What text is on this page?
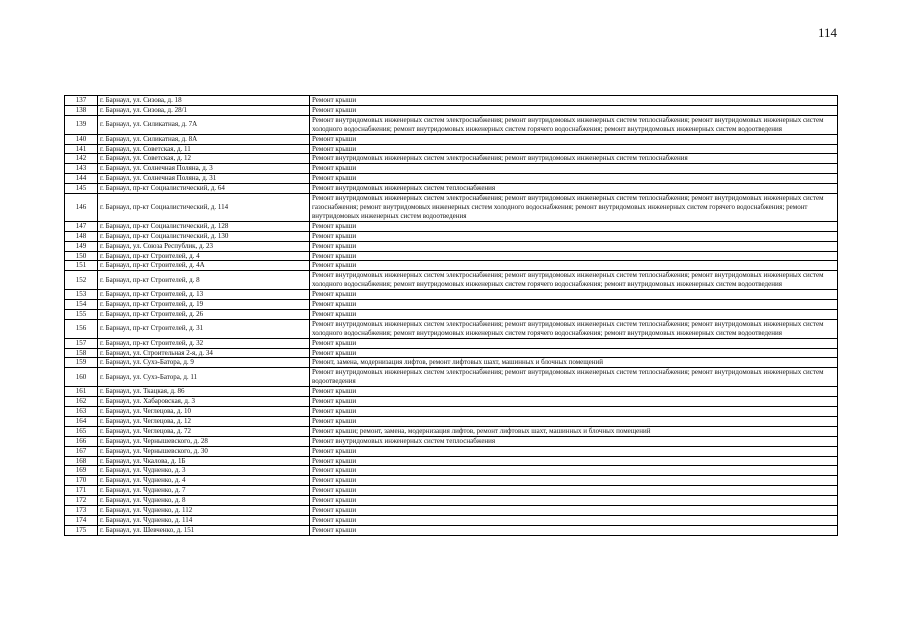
114
137	г. Барнаул, ул. Сизова, д. 18	Ремонт крыши
138	г. Барнаул, ул. Сизова, д. 28/1	Ремонт крыши
139	г. Барнаул, ул. Силикатная, д. 7А	Ремонт внутридомовых инженерных систем электроснабжения; ремонт внутридомовых инженерных систем теплоснабжения; ремонт внутридомовых инженерных систем холодного водоснабжения; ремонт внутридомовых инженерных систем горячего водоснабжения; ремонт внутридомовых инженерных систем водоотведения
140	г. Барнаул, ул. Силикатная, д. 8А	Ремонт крыши
141	г. Барнаул, ул. Советская, д. 11	Ремонт крыши
142	г. Барнаул, ул. Советская, д. 12	Ремонт внутридомовых инженерных систем электроснабжения; ремонт внутридомовых инженерных систем теплоснабжения
143	г. Барнаул, ул. Солнечная Поляна, д. 3	Ремонт крыши
144	г. Барнаул, ул. Солнечная Поляна, д. 31	Ремонт крыши
145	г. Барнаул, пр-кт Социалистический, д. 64	Ремонт внутридомовых инженерных систем теплоснабжения
146	г. Барнаул, пр-кт Социалистический, д. 114	Ремонт внутридомовых инженерных систем электроснабжения; ремонт внутридомовых инженерных систем теплоснабжения; ремонт внутридомовых инженерных систем газоснабжения; ремонт внутридомовых инженерных систем холодного водоснабжения; ремонт внутридомовых инженерных систем горячего водоснабжения; ремонт внутридомовых инженерных систем водоотведения
147	г. Барнаул, пр-кт Социалистический, д. 128	Ремонт крыши
148	г. Барнаул, пр-кт Социалистический, д. 130	Ремонт крыши
149	г. Барнаул, ул. Союза Республик, д. 23	Ремонт крыши
150	г. Барнаул, пр-кт Строителей, д. 4	Ремонт крыши
151	г. Барнаул, пр-кт Строителей, д. 4А	Ремонт крыши
152	г. Барнаул, пр-кт Строителей, д. 8	Ремонт внутридомовых инженерных систем электроснабжения; ремонт внутридомовых инженерных систем теплоснабжения; ремонт внутридомовых инженерных систем холодного водоснабжения; ремонт внутридомовых инженерных систем горячего водоснабжения; ремонт внутридомовых инженерных систем водоотведения
153	г. Барнаул, пр-кт Строителей, д. 13	Ремонт крыши
154	г. Барнаул, пр-кт Строителей, д. 19	Ремонт крыши
155	г. Барнаул, пр-кт Строителей, д. 26	Ремонт крыши
156	г. Барнаул, пр-кт Строителей, д. 31	Ремонт внутридомовых инженерных систем электроснабжения; ремонт внутридомовых инженерных систем теплоснабжения; ремонт внутридомовых инженерных систем холодного водоснабжения; ремонт внутридомовых инженерных систем горячего водоснабжения; ремонт внутридомовых инженерных систем водоотведения
157	г. Барнаул, пр-кт Строителей, д. 32	Ремонт крыши
158	г. Барнаул, ул. Строительная 2-я, д. 34	Ремонт крыши
159	г. Барнаул, ул. Сухэ-Батора, д. 9	Ремонт, замена, модернизация лифтов, ремонт лифтовых шахт, машинных и блочных помещений
160	г. Барнаул, ул. Сухэ-Батора, д. 11	Ремонт внутридомовых инженерных систем электроснабжения; ремонт внутридомовых инженерных систем теплоснабжения; ремонт внутридомовых инженерных систем водоотведения
161	г. Барнаул, ул. Ткацкая, д. 86	Ремонт крыши
162	г. Барнаул, ул. Хабаровская, д. 3	Ремонт крыши
163	г. Барнаул, ул. Чеглецова, д. 10	Ремонт крыши
164	г. Барнаул, ул. Чеглецова, д. 12	Ремонт крыши
165	г. Барнаул, ул. Чеглецова, д. 72	Ремонт крыши; ремонт, замена, модернизация лифтов, ремонт лифтовых шахт, машинных и блочных помещений
166	г. Барнаул, ул. Чернышевского, д. 28	Ремонт внутридомовых инженерных систем теплоснабжения
167	г. Барнаул, ул. Чернышевского, д. 30	Ремонт крыши
168	г. Барнаул, ул. Чкалова, д. 1Б	Ремонт крыши
169	г. Барнаул, ул. Чудненко, д. 3	Ремонт крыши
170	г. Барнаул, ул. Чудненко, д. 4	Ремонт крыши
171	г. Барнаул, ул. Чудненко, д. 7	Ремонт крыши
172	г. Барнаул, ул. Чудненко, д. 8	Ремонт крыши
173	г. Барнаул, ул. Чудненко, д. 112	Ремонт крыши
174	г. Барнаул, ул. Чудненко, д. 114	Ремонт крыши
175	г. Барнаул, ул. Шевченко, д. 151	Ремонт крыши
